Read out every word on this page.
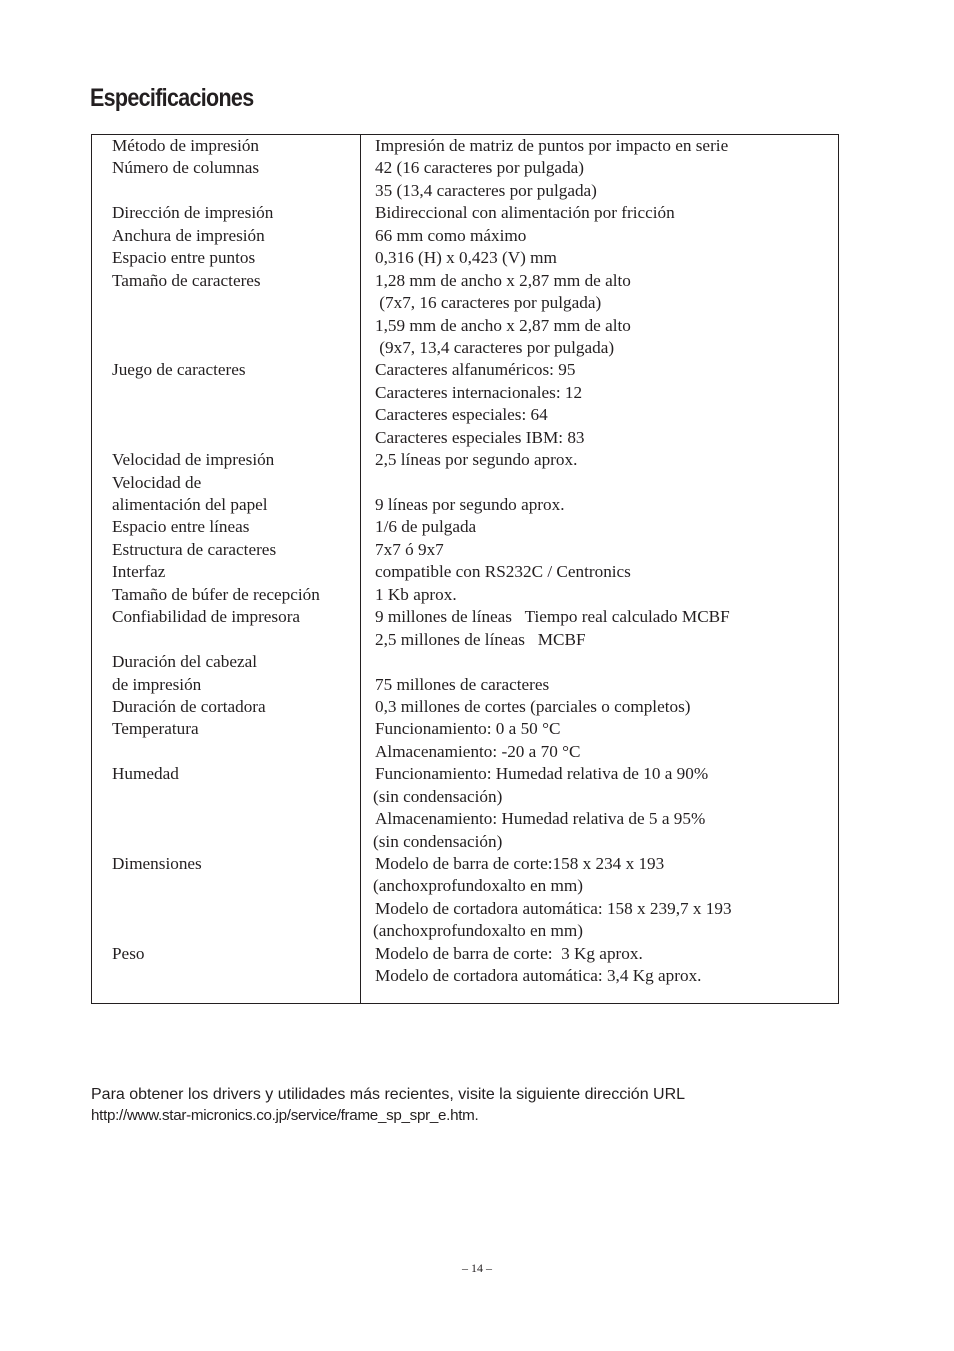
Especificaciones
Método de impresión
Número de columnas
Dirección de impresión
Anchura de impresión
Espacio entre puntos
Tamaño de caracteres
Juego de caracteres
Velocidad de impresión
Velocidad de
alimentación del papel
Espacio entre líneas
Estructura de caracteres
Interfaz
Tamaño de búfer de recepción
Confiabilidad de impresora
Duración del cabezal
de impresión
Duración de cortadora
Temperatura
Humedad
Dimensiones
Peso
Impresión de matriz de puntos por impacto en serie
42 (16 caracteres por pulgada)
35 (13,4 caracteres por pulgada)
Bidireccional con alimentación por fricción
66 mm como máximo
0,316 (H) x 0,423 (V) mm
1,28 mm de ancho x 2,87 mm de alto
(7x7, 16 caracteres por pulgada)
1,59 mm de ancho x 2,87 mm de alto
(9x7, 13,4 caracteres por pulgada)
Caracteres alfanuméricos: 95
Caracteres internacionales: 12
Caracteres especiales: 64
Caracteres especiales IBM: 83
2,5 líneas por segundo aprox.
9 líneas por segundo aprox.
1/6 de pulgada
7x7 ó 9x7
compatible con RS232C / Centronics
1 Kb aprox.
9 millones de líneas   Tiempo real calculado MCBF
2,5 millones de líneas   MCBF
75 millones de caracteres
0,3 millones de cortes (parciales o completos)
Funcionamiento: 0 a 50 °C
Almacenamiento: -20 a 70 °C
Funcionamiento: Humedad relativa de 10 a 90%
(sin condensación)
Almacenamiento: Humedad relativa de 5 a 95%
(sin condensación)
Modelo de barra de corte:158 x 234 x 193
(anchoxprofundoxalto en mm)
Modelo de cortadora automática: 158 x 239,7 x 193
(anchoxprofundoxalto en mm)
Modelo de barra de corte:  3 Kg aprox.
Modelo de cortadora automática: 3,4 Kg aprox.
Para obtener los drivers y utilidades más recientes, visite la siguiente dirección URL
http://www.star-micronics.co.jp/service/frame_sp_spr_e.htm.
– 14 –
